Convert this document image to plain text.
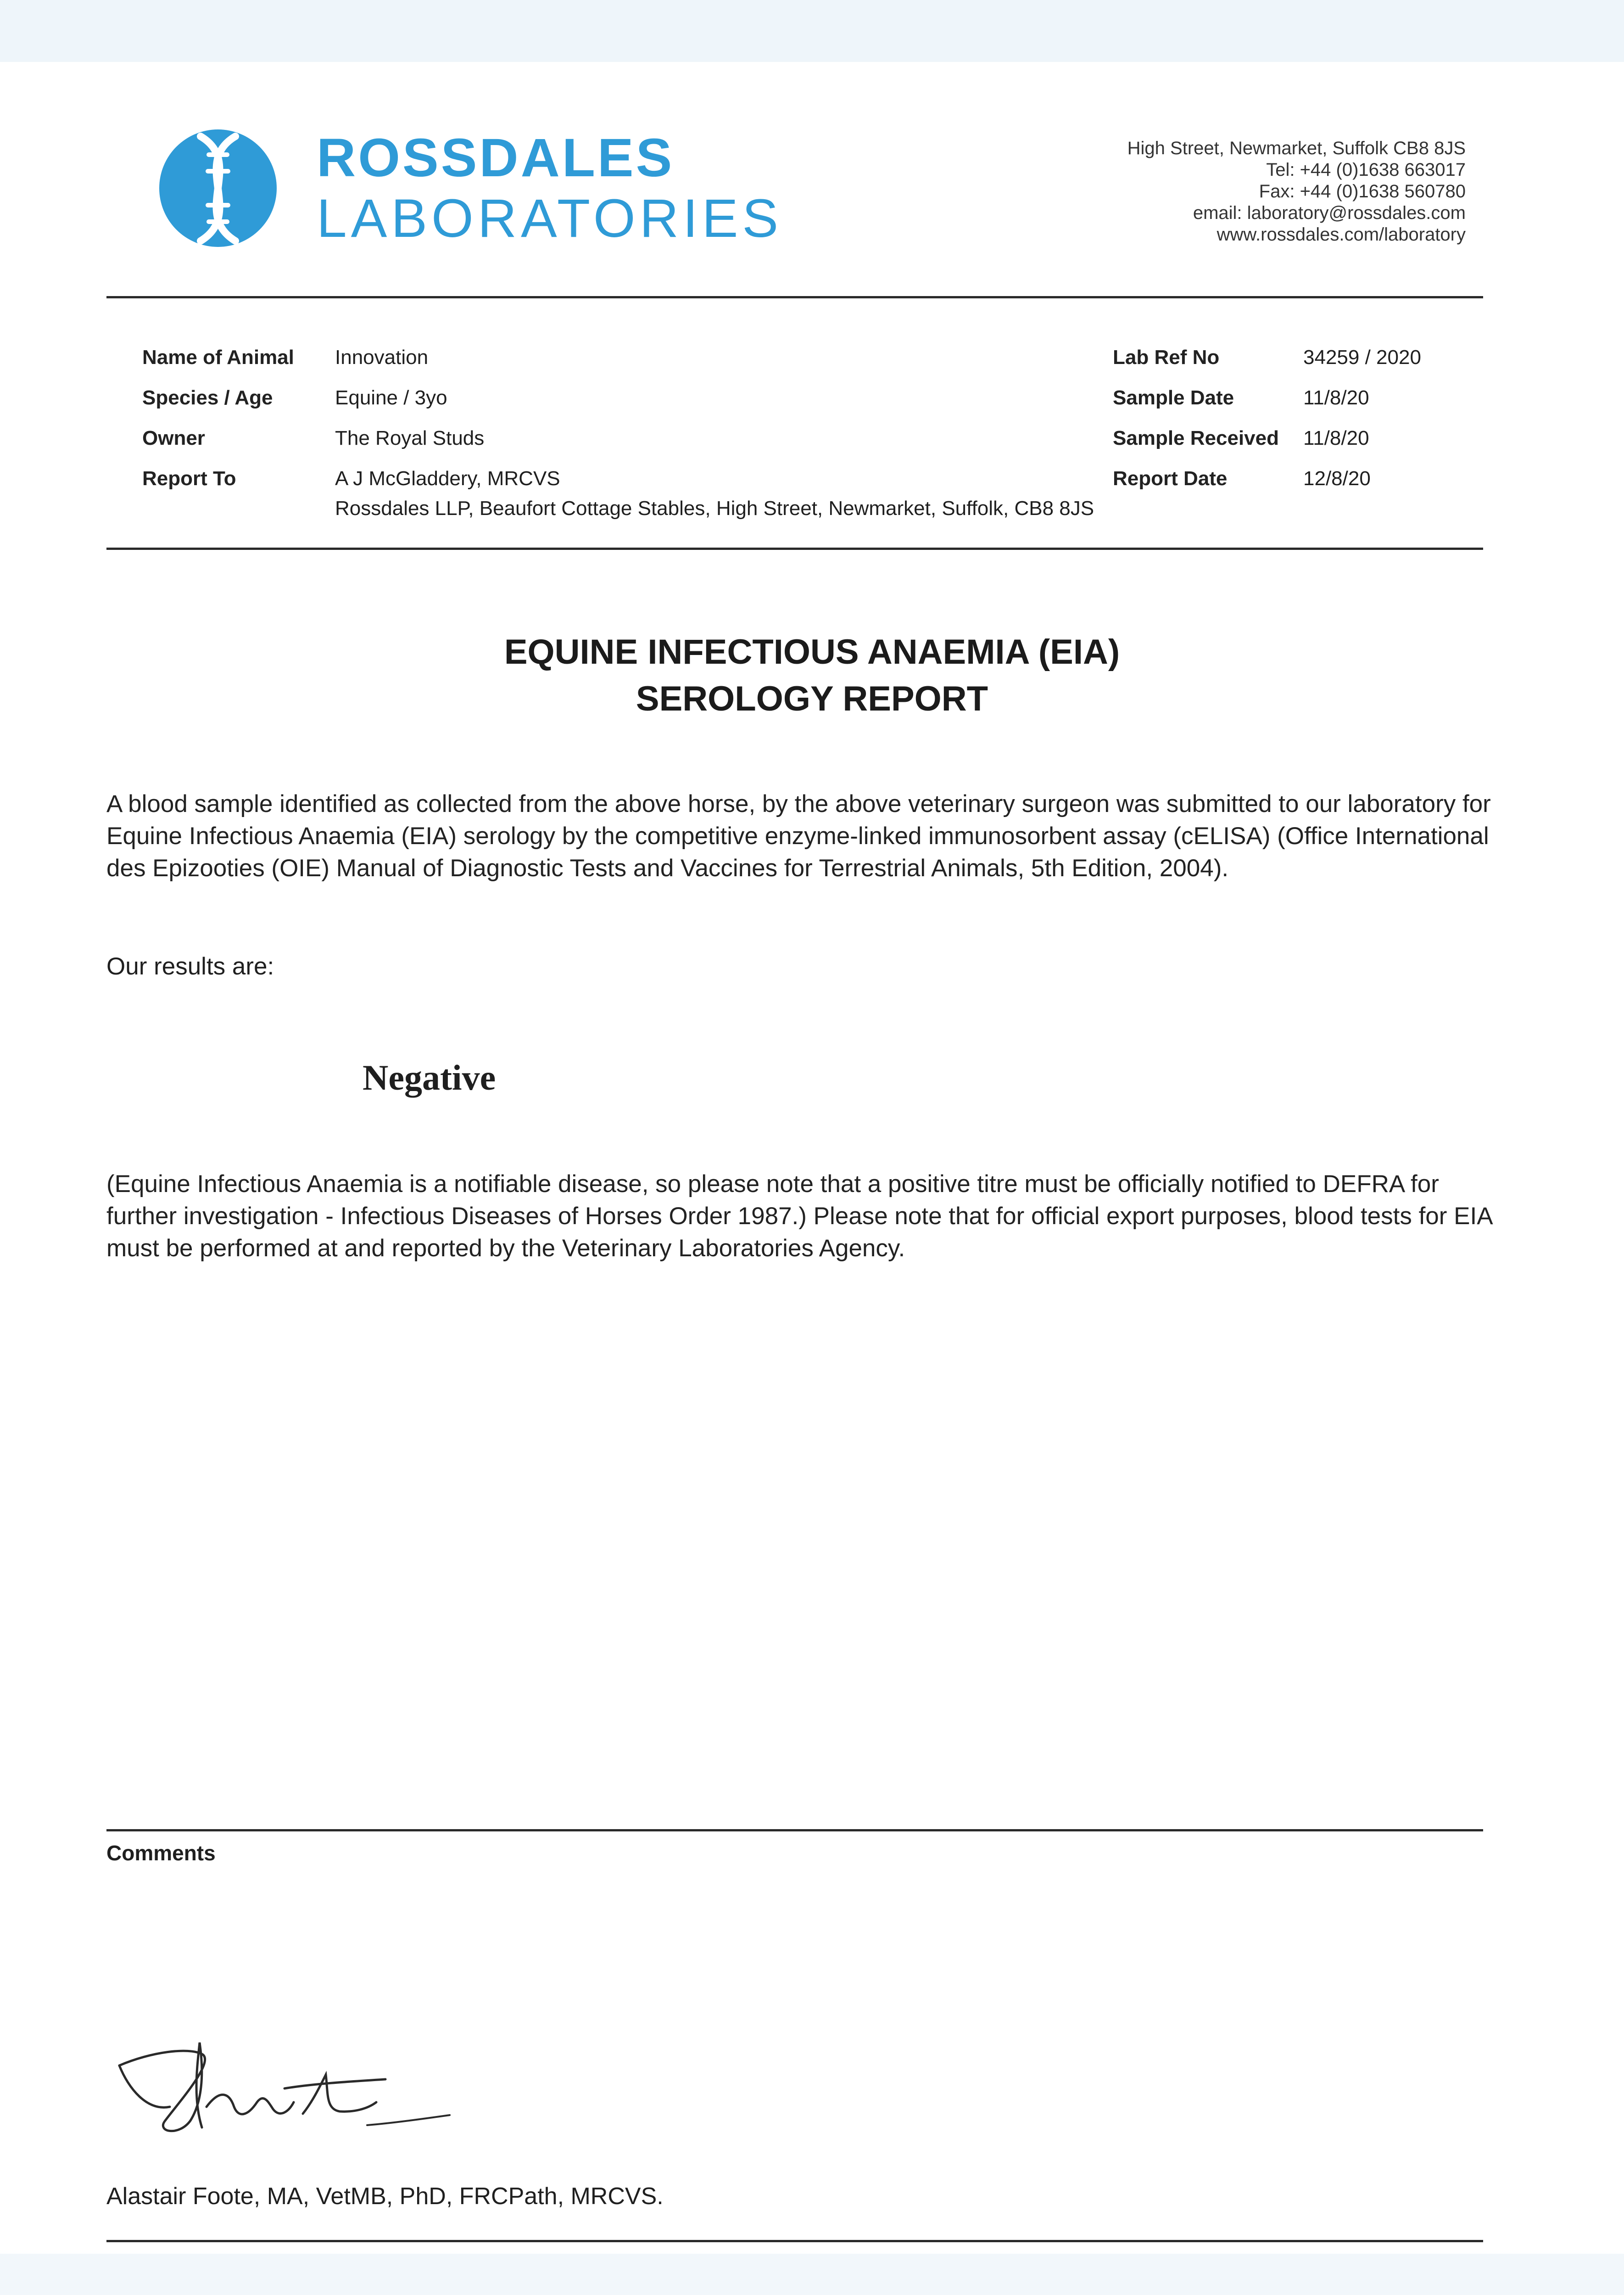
ROSSDALES
LABORATORIES
High Street, Newmarket, Suffolk CB8 8JS
Tel: +44 (0)1638 663017
Fax: +44 (0)1638 560780
email: laboratory@rossdales.com
www.rossdales.com/laboratory
Name of Animal
Species / Age
Owner
Report To
Innovation
Equine / 3yo
The Royal Studs
A J McGladdery, MRCVS
Rossdales LLP, Beaufort Cottage Stables, High Street, Newmarket, Suffolk, CB8 8JS
Lab Ref No
Sample Date
Sample Received
Report Date
34259 / 2020
11/8/20
11/8/20
12/8/20
EQUINE INFECTIOUS ANAEMIA (EIA)
SEROLOGY REPORT
A blood sample identified as collected from the above horse, by the above veterinary surgeon was submitted to our laboratory for Equine Infectious Anaemia (EIA) serology by the competitive enzyme-linked immunosorbent assay (cELISA) (Office International des Epizooties (OIE) Manual of Diagnostic Tests and Vaccines for Terrestrial Animals, 5th Edition, 2004).
Our results are:
Negative
(Equine Infectious Anaemia is a notifiable disease, so please note that a positive titre must be officially notified to DEFRA for further investigation - Infectious Diseases of Horses Order 1987.) Please note that for official export purposes, blood tests for EIA must be performed at and reported by the Veterinary Laboratories Agency.
Comments
Alastair Foote, MA, VetMB, PhD, FRCPath, MRCVS.
